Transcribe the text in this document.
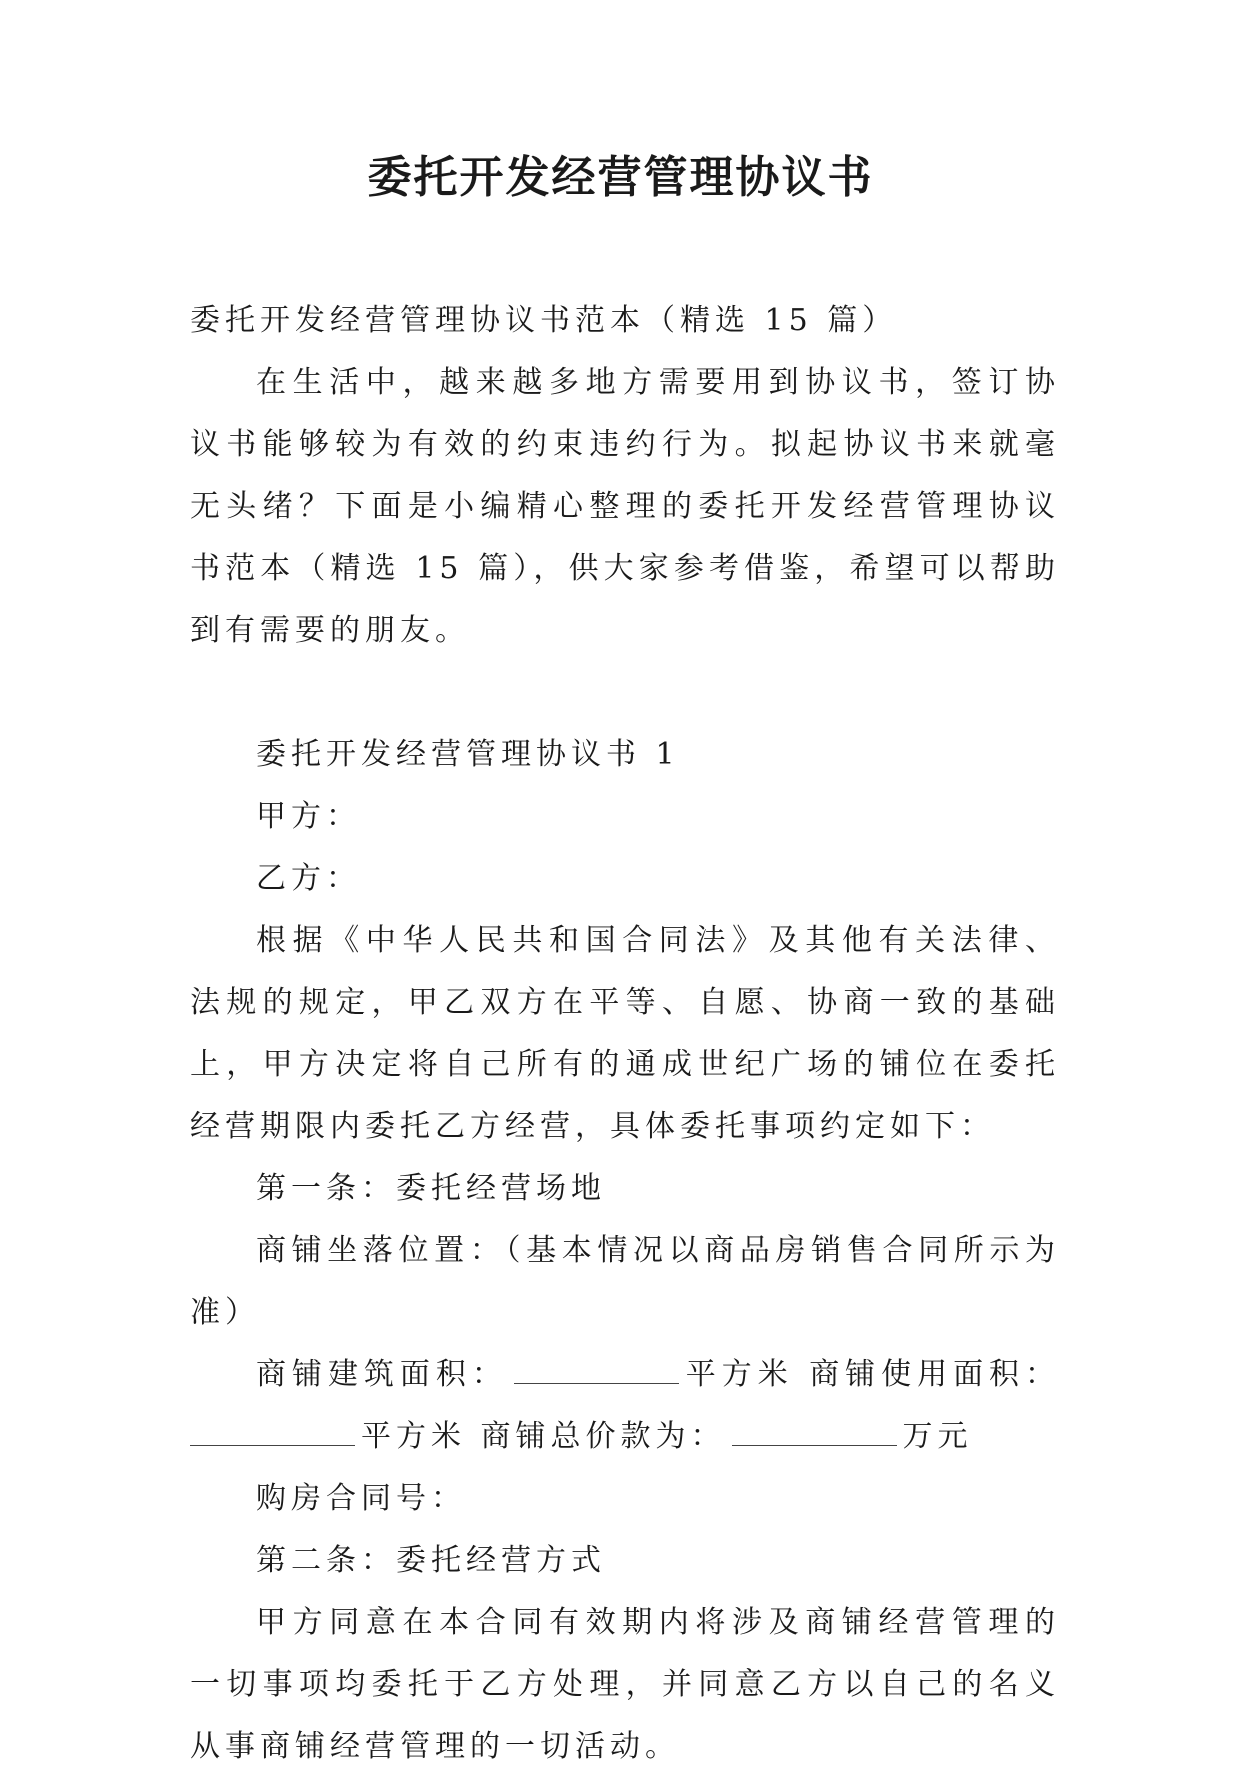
委托开发经营管理协议书

委托开发经营管理协议书范本（精选 15 篇）

在生活中，越来越多地方需要用到协议书，签订协议书能够较为有效的约束违约行为。拟起协议书来就毫无头绪？下面是小编精心整理的委托开发经营管理协议书范本（精选 15 篇），供大家参考借鉴，希望可以帮助到有需要的朋友。

委托开发经营管理协议书 1

甲方：

乙方：

根据《中华人民共和国合同法》及其他有关法律、法规的规定，甲乙双方在平等、自愿、协商一致的基础上，甲方决定将自己所有的通成世纪广场的铺位在委托经营期限内委托乙方经营，具体委托事项约定如下：

第一条：委托经营场地

商铺坐落位置：（基本情况以商品房销售合同所示为准）

商铺建筑面积：	平方米 商铺使用面积：平方米 商铺总价款为：	万元

购房合同号：

第二条：委托经营方式

甲方同意在本合同有效期内将涉及商铺经营管理的一切事项均委托于乙方处理，并同意乙方以自己的名义从事商铺经营管理的一切活动。
